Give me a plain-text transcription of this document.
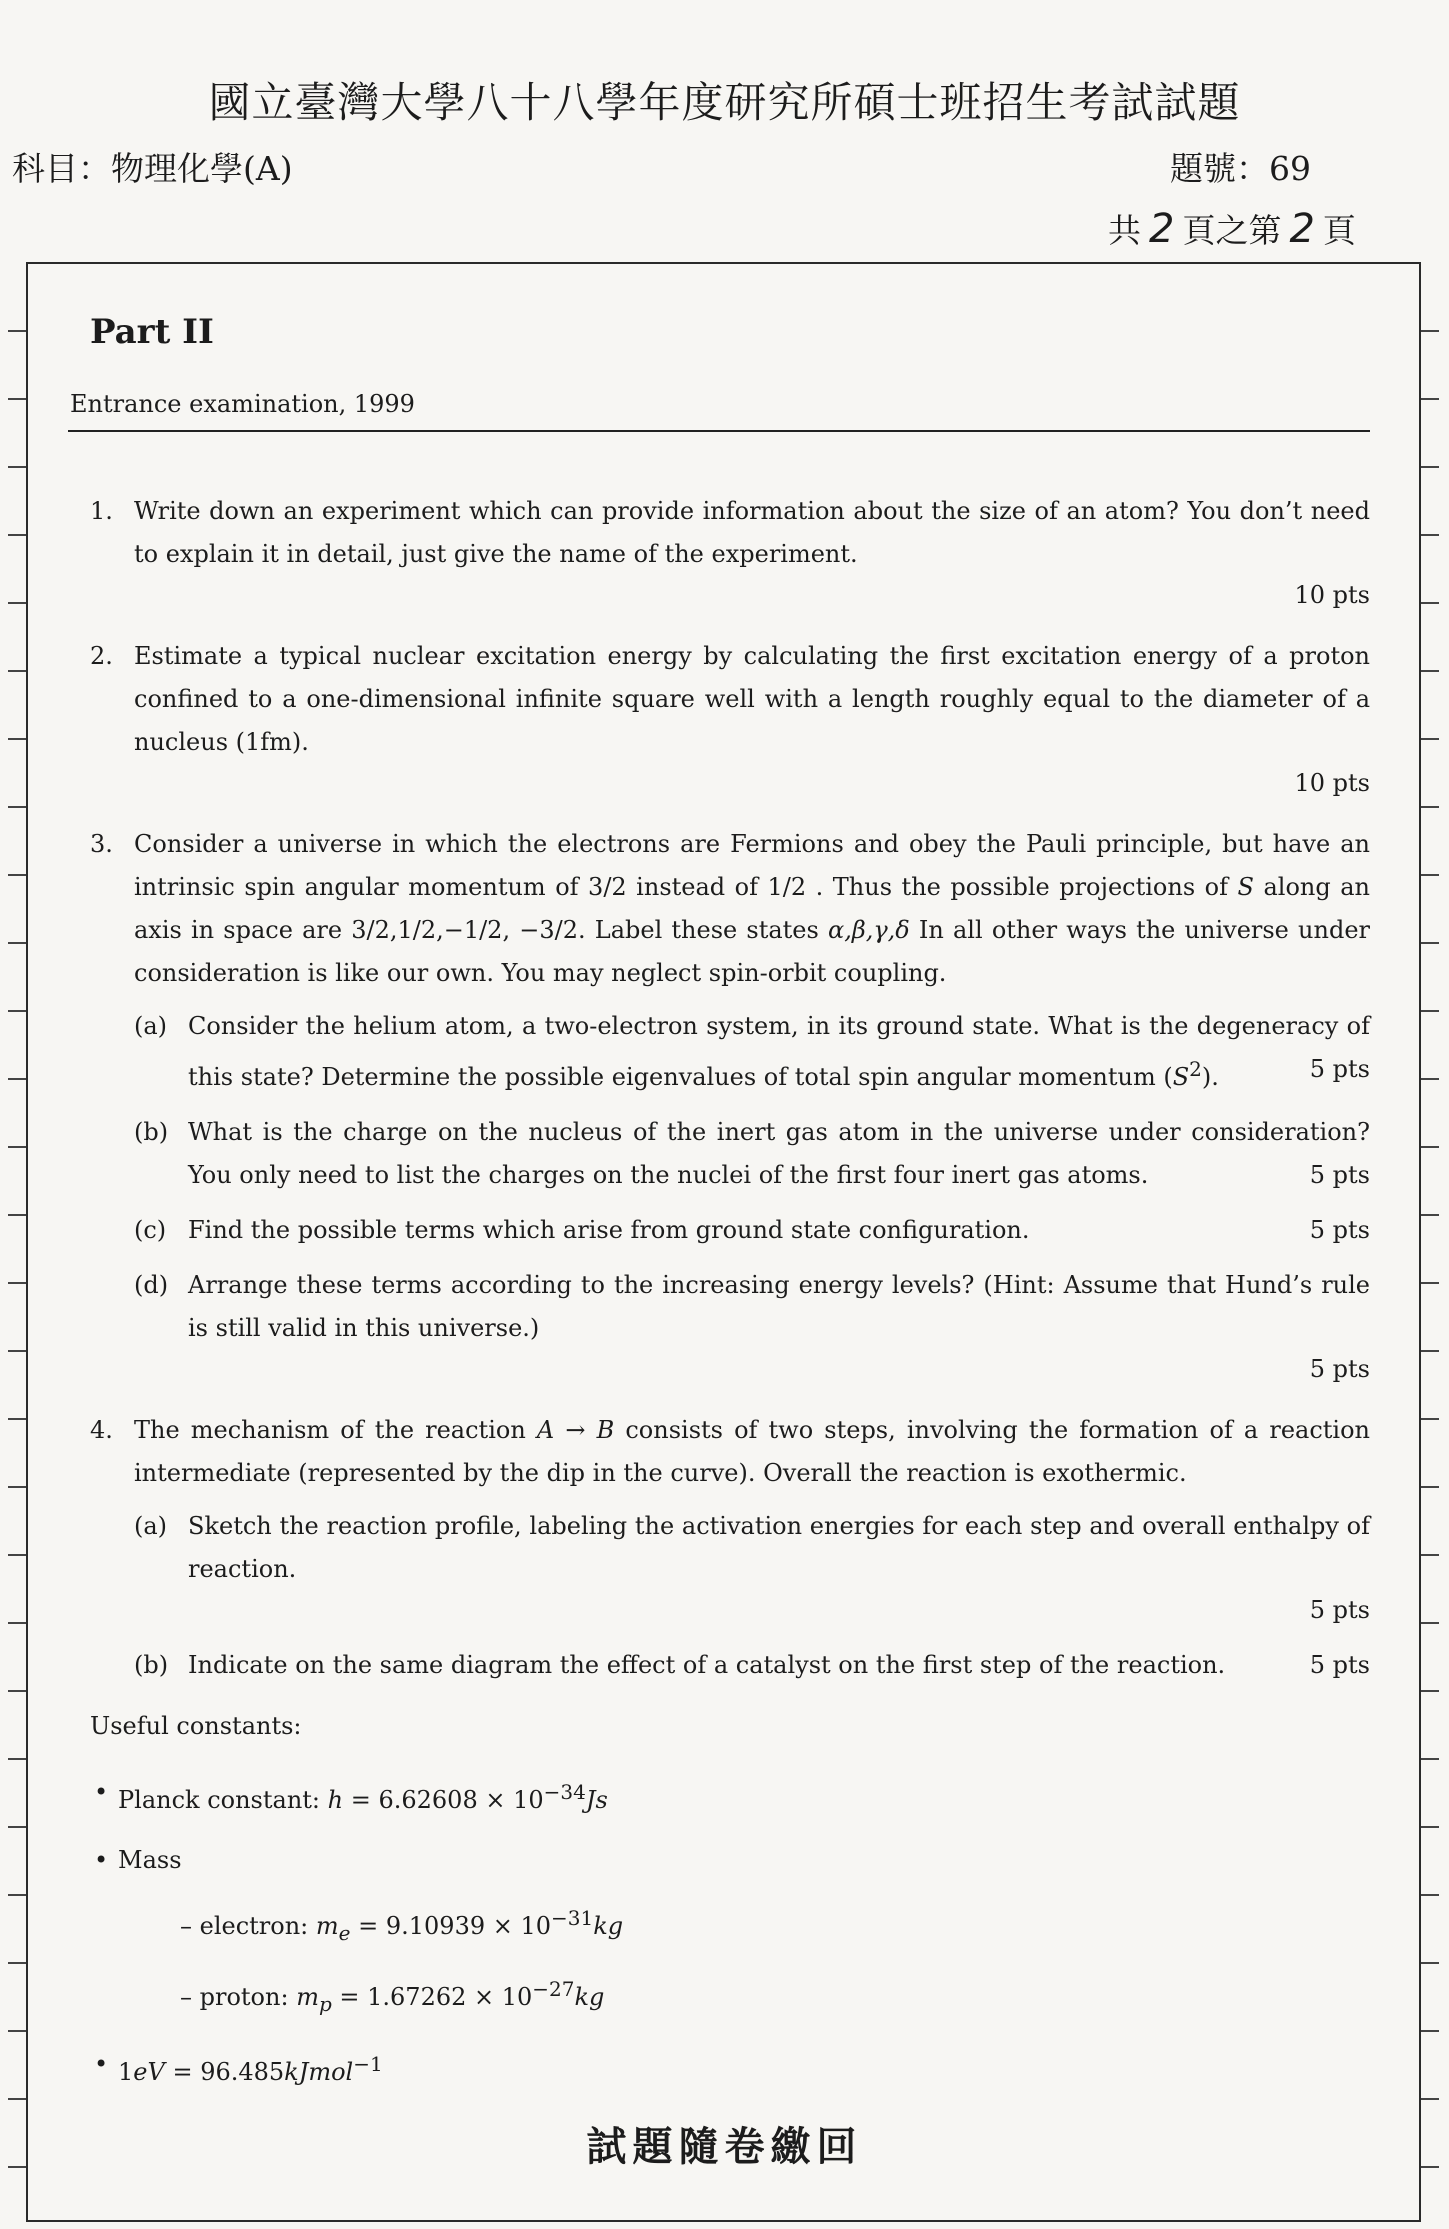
國立臺灣大學八十八學年度研究所碩士班招生考試試題
科目：物理化學(A)	題號：69
共 2 頁之第 2 頁
Part II
Entrance examination, 1999
1. Write down an experiment which can provide information about the size of an atom? You don’t need to explain it in detail, just give the name of the experiment.
10 pts
2. Estimate a typical nuclear excitation energy by calculating the first excitation energy of a proton confined to a one-dimensional infinite square well with a length roughly equal to the diameter of a nucleus (1fm).
10 pts
3. Consider a universe in which the electrons are Fermions and obey the Pauli principle, but have an intrinsic spin angular momentum of 3/2 instead of 1/2 . Thus the possible projections of S along an axis in space are 3/2,1/2,−1/2, −3/2. Label these states α,β,γ,δ In all other ways the universe under consideration is like our own. You may neglect spin-orbit coupling.
(a) Consider the helium atom, a two-electron system, in its ground state. What is the degeneracy of this state? Determine the possible eigenvalues of total spin angular momentum $(S^2)$.	5 pts
(b) What is the charge on the nucleus of the inert gas atom in the universe under consideration? You only need to list the charges on the nuclei of the first four inert gas atoms.	5 pts
(c) Find the possible terms which arise from ground state configuration.	5 pts
(d) Arrange these terms according to the increasing energy levels? (Hint: Assume that Hund’s rule is still valid in this universe.)
5 pts
4. The mechanism of the reaction A → B consists of two steps, involving the formation of a reaction intermediate (represented by the dip in the curve). Overall the reaction is exothermic.
(a) Sketch the reaction profile, labeling the activation energies for each step and overall enthalpy of reaction.
5 pts
(b) Indicate on the same diagram the effect of a catalyst on the first step of the reaction.	5 pts
Useful constants:
• Planck constant: $h = 6.62608 \times 10^{-34}Js$
• Mass
– electron: $m_e = 9.10939 \times 10^{-31}kg$
– proton: $m_p = 1.67262 \times 10^{-27}kg$
• 1eV = 96.485kJmol$^{-1}$
試題隨卷繳回
